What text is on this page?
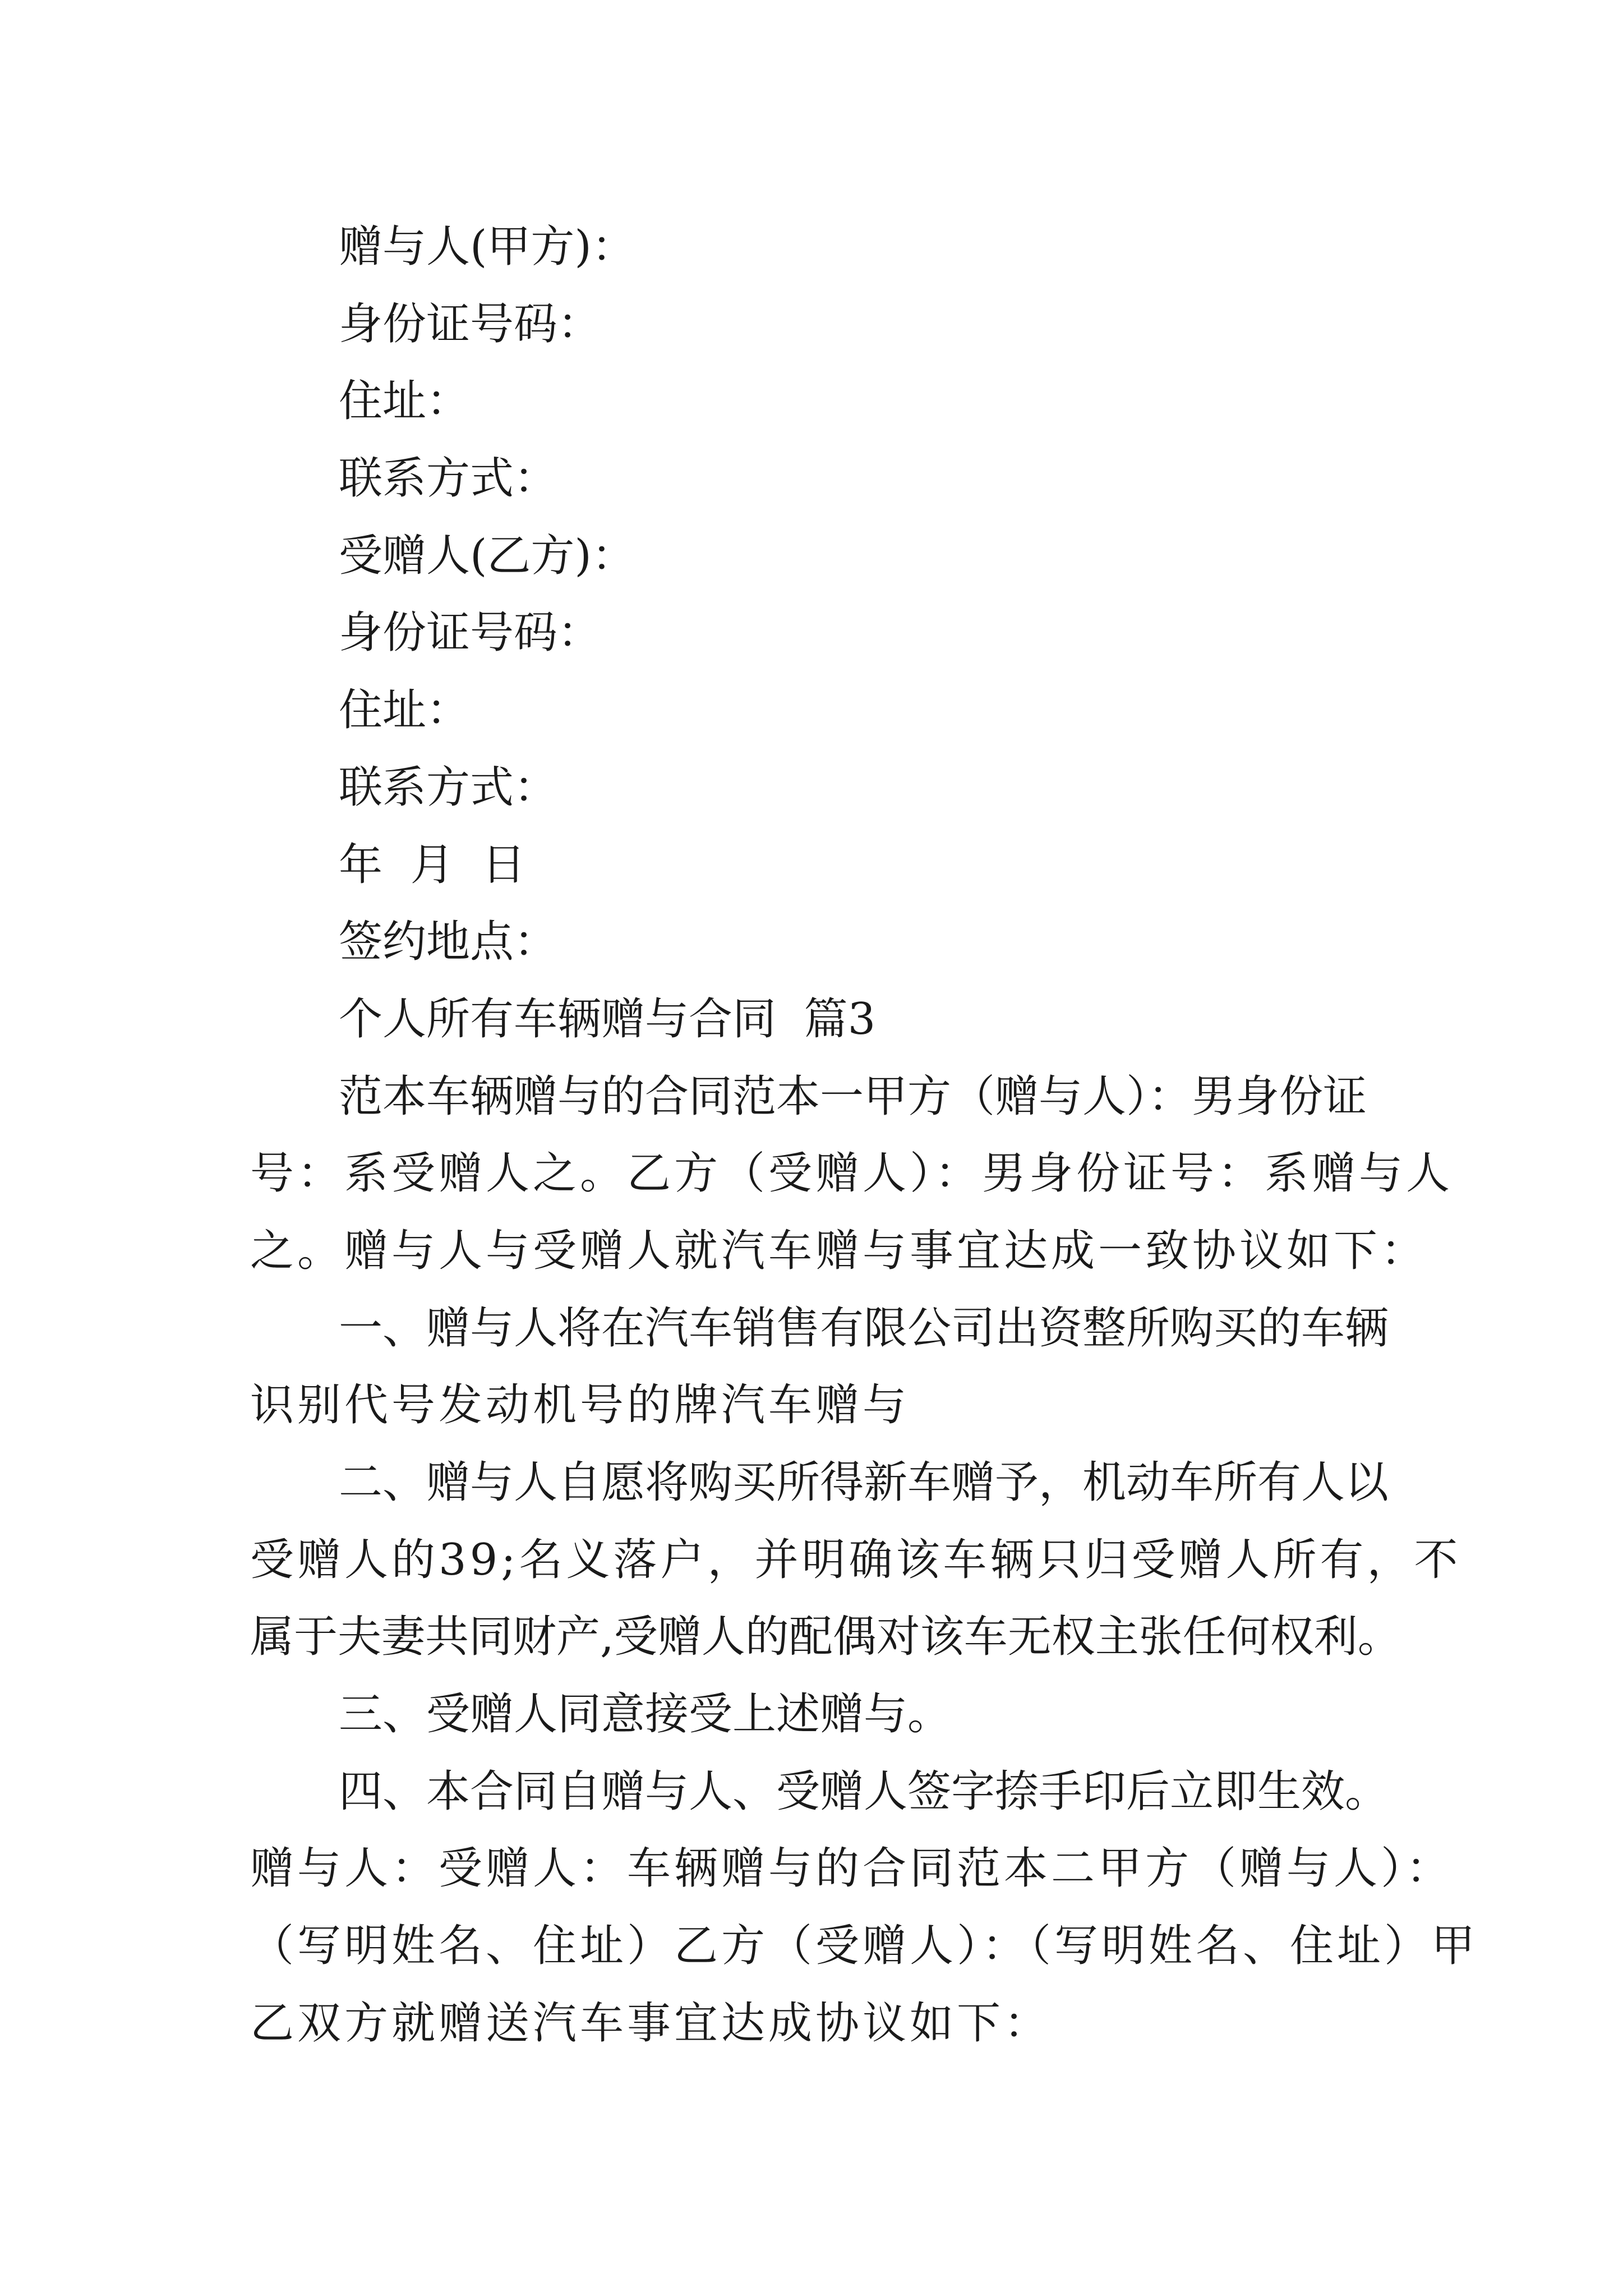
赠与人(甲方)：

身份证号码：

住址：

联系方式：

受赠人(乙方)：

身份证号码：

住址：

联系方式：

年  月  日

签约地点：

个人所有车辆赠与合同  篇3

范本车辆赠与的合同范本一甲方（赠与人）：男身份证

号：系受赠人之。乙方（受赠人）：男身份证号：系赠与人

之。赠与人与受赠人就汽车赠与事宜达成一致协议如下：

一、赠与人将在汽车销售有限公司出资整所购买的车辆

识别代号发动机号的牌汽车赠与

二、赠与人自愿将购买所得新车赠予，机动车所有人以

受赠人的39;名义落户，并明确该车辆只归受赠人所有，不

属于夫妻共同财产,受赠人的配偶对该车无权主张任何权利。

三、受赠人同意接受上述赠与。

四、本合同自赠与人、受赠人签字捺手印后立即生效。

赠与人：受赠人：车辆赠与的合同范本二甲方（赠与人）：

（写明姓名、住址）乙方（受赠人）：（写明姓名、住址）甲

乙双方就赠送汽车事宜达成协议如下：
